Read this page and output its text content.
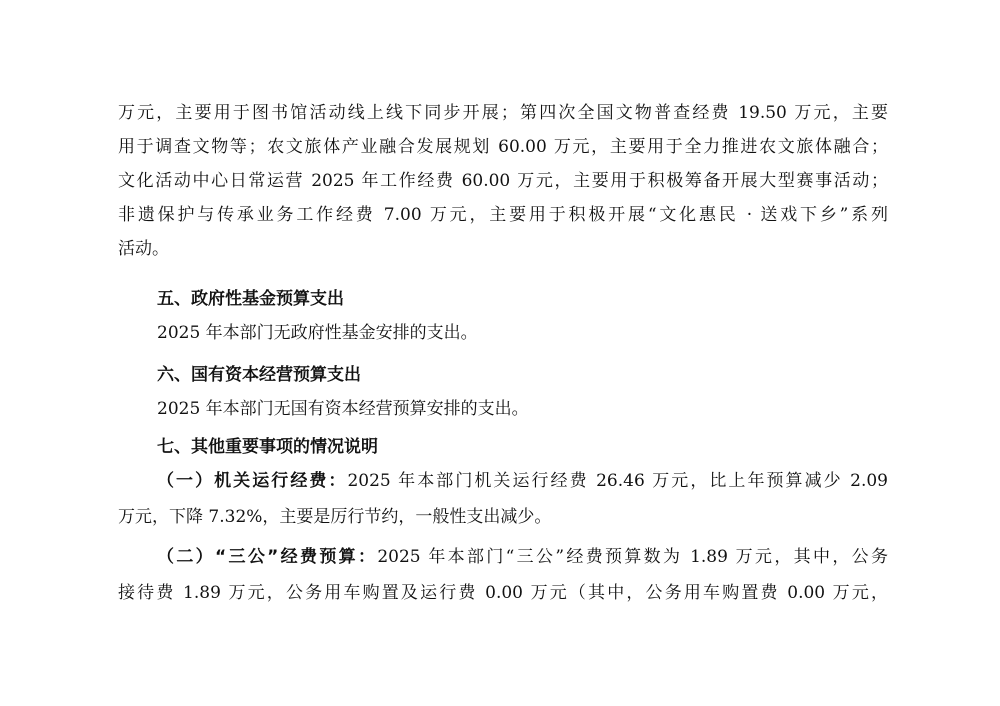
万元，主要用于图书馆活动线上线下同步开展；第四次全国文物普查经费 19.50 万元，主要
用于调查文物等；农文旅体产业融合发展规划 60.00 万元，主要用于全力推进农文旅体融合；
文化活动中心日常运营 2025 年工作经费 60.00 万元，主要用于积极筹备开展大型赛事活动；
非遗保护与传承业务工作经费 7.00 万元，主要用于积极开展“文化惠民 · 送戏下乡”系列
活动。
五、政府性基金预算支出
2025 年本部门无政府性基金安排的支出。
六、国有资本经营预算支出
2025 年本部门无国有资本经营预算安排的支出。
七、其他重要事项的情况说明
（一）机关运行经费：2025 年本部门机关运行经费 26.46 万元，比上年预算减少 2.09
万元，下降 7.32%，主要是厉行节约，一般性支出减少。
（二）“三公”经费预算：2025 年本部门“三公”经费预算数为 1.89 万元，其中，公务
接待费 1.89 万元，公务用车购置及运行费 0.00 万元（其中，公务用车购置费 0.00 万元，
